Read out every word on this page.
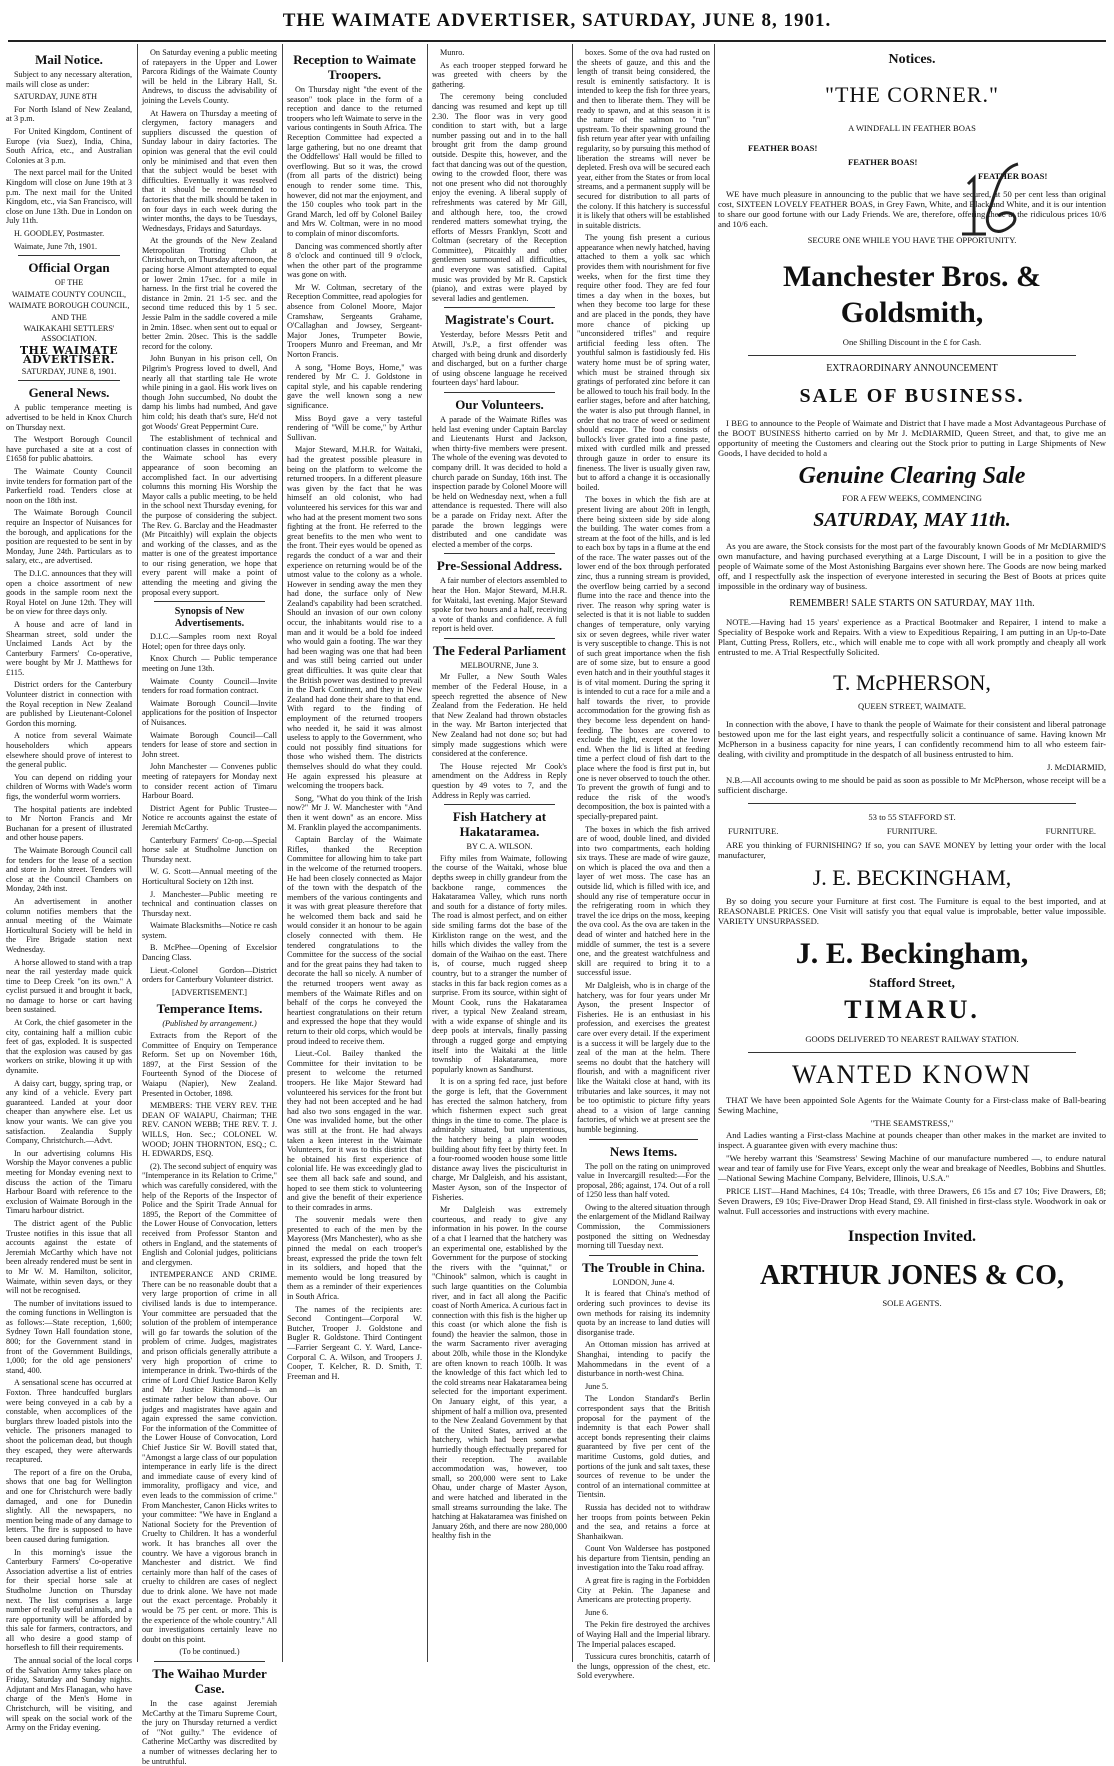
THE WAIMATE ADVERTISER, SATURDAY, JUNE 8, 1901.
Mail Notice.

Subject to any necessary alteration, mails will close as under:

SATURDAY, JUNE 8TH

For North Island of New Zealand, at 3 p.m.

For United Kingdom, Continent of Europe (via Suez), India, China, South Africa, etc., and Australian Colonies at 3 p.m.

The next parcel mail for the United Kingdom will close on June 19th at 3 p.m. The next mail for the United Kingdom, etc., via San Francisco, will close on June 13th. Due in London on July 11th.

H. GOODLEY, Postmaster.

Waimate, June 7th, 1901.

Official Organ

OF THE

WAIMATE COUNTY COUNCIL,

WAIMATE BOROUGH COUNCIL,

AND THE

WAIKAKAHI SETTLERS' ASSOCIATION.

THE WAIMATE ADVERTISER.

SATURDAY, JUNE 8, 1901.

General News.

A public temperance meeting is advertised to be held in Knox Church on Thursday next.

The Westport Borough Council have purchased a site at a cost of £1658 for public abattoirs.

The Waimate County Council invite tenders for formation part of the Parkerfield road. Tenders close at noon on the 18th inst.

The Waimate Borough Council require an Inspector of Nuisances for the borough, and applications for the position are requested to be sent in by Monday, June 24th. Particulars as to salary, etc., are advertised.

The D.I.C. announces that they will open a choice assortment of new goods in the sample room next the Royal Hotel on June 12th. They will be on view for three days only.

A house and acre of land in Shearman street, sold under the Unclaimed Lands Act by the Canterbury Farmers' Co-operative, were bought by Mr J. Matthews for £115.

District orders for the Canterbury Volunteer district in connection with the Royal reception in New Zealand are published by Lieutenant-Colonel Gordon this morning.

A notice from several Waimate householders which appears elsewhere should prove of interest to the general public.

You can depend on ridding your children of Worms with Wade's worm figs, the wonderful worm worriers.

The hospital patients are indebted to Mr Norton Francis and Mr Buchanan for a present of illustrated and other house papers.

The Waimate Borough Council call for tenders for the lease of a section and store in John street. Tenders will close at the Council Chambers on Monday, 24th inst.

An advertisement in another column notifies members that the annual meeting of the Waimate Horticultural Society will be held in the Fire Brigade station next Wednesday.

A horse allowed to stand with a trap near the rail yesterday made quick time to Deep Creek "on its own." A cyclist pursued it and brought it back, no damage to horse or cart having been sustained.

At Cork, the chief gasometer in the city, containing half a million cubic feet of gas, exploded. It is suspected that the explosion was caused by gas workers on strike, blowing it up with dynamite.

A daisy cart, buggy, spring trap, or any kind of a vehicle. Every part guaranteed. Landed at your door cheaper than anywhere else. Let us know your wants. We can give you satisfaction. Zealandia Supply Company, Christchurch.—Advt.

In our advertising columns His Worship the Mayor convenes a public meeting for Monday evening next to discuss the action of the Timaru Harbour Board with reference to the exclusion of Waimate Borough in the Timaru harbour district.

The district agent of the Public Trustee notifies in this issue that all accounts against the estate of Jeremiah McCarthy which have not been already rendered must be sent in to Mr W. M. Hamilton, solicitor, Waimate, within seven days, or they will not be recognised.

The number of invitations issued to the coming functions in Wellington is as follows:—State reception, 1,600; Sydney Town Hall foundation stone, 800; for the Government stand in front of the Government Buildings, 1,000; for the old age pensioners' stand, 400.

A sensational scene has occurred at Foxton. Three handcuffed burglars were being conveyed in a cab by a constable, when accomplices of the burglars threw loaded pistols into the vehicle. The prisoners managed to shoot the policeman dead, but though they escaped, they were afterwards recaptured.

The report of a fire on the Oruba, shows that one bag for Wellington and one for Christchurch were badly damaged, and one for Dunedin slightly. All the newspapers, no mention being made of any damage to letters. The fire is supposed to have been caused during fumigation.

In this morning's issue the Canterbury Farmers' Co-operative Association advertise a list of entries for their special horse sale at Studholme Junction on Thursday next. The list comprises a large number of really useful animals, and a rare opportunity will be afforded by this sale for farmers, contractors, and all who desire a good stamp of horseflesh to fill their requirements.

The annual social of the local corps of the Salvation Army takes place on Friday, Saturday and Sunday nights. Adjutant and Mrs Flanagan, who have charge of the Men's Home in Christchurch, will be visiting, and will speak on the social work of the Army on the Friday evening.

On Saturday evening a public meeting of ratepayers in the Upper and Lower Parcora Ridings of the Waimate County will be held in the Library Hall, St. Andrews, to discuss the advisability of joining the Levels County.

At Hawera on Thursday a meeting of clergymen, factory managers and suppliers discussed the question of Sunday labour in dairy factories. The opinion was general that the evil could only be minimised and that even then that the subject would be beset with difficulties. Eventually it was resolved that it should be recommended to factories that the milk should be taken in on four days in each week during the winter months, the days to be Tuesdays, Wednesdays, Fridays and Saturdays.

At the grounds of the New Zealand Metropolitan Trotting Club at Christchurch, on Thursday afternoon, the pacing horse Almont attempted to equal or lower 2min 17sec. for a mile in harness. In the first trial he covered the distance in 2min. 21 1-5 sec. and the second time reduced this by 1 5 sec. Jessie Palm in the saddle covered a mile in 2min. 18sec. when sent out to equal or better 2min. 20sec. This is the saddle record for the colony.

John Bunyan in his prison cell, On Pilgrim's Progress loved to dwell, And nearly all that startling tale He wrote while pining in a gaol. His work lives on though John succumbed, No doubt the damp his limbs had numbed, And gave him cold; his death that's sure, He'd not got Woods' Great Peppermint Cure.

The establishment of technical and continuation classes in connection with the Waimate school has every appearance of soon becoming an accomplished fact. In our advertising columns this morning His Worship the Mayor calls a public meeting, to be held in the school next Thursday evening, for the purpose of considering the subject. The Rev. G. Barclay and the Headmaster (Mr Pitcaithly) will explain the objects and working of the classes, and as the matter is one of the greatest importance to our rising generation, we hope that every parent will make a point of attending the meeting and giving the proposal every support.

Synopsis of New Advertisements.

D.I.C.—Samples room next Royal Hotel; open for three days only.

Knox Church — Public temperance meeting on June 13th.

Waimate County Council—Invite tenders for road formation contract.

Waimate Borough Council—Invite applications for the position of Inspector of Nuisances.

Waimate Borough Council—Call tenders for lease of store and section in John street.

John Manchester — Convenes public meeting of ratepayers for Monday next to consider recent action of Timaru Harbour Board.

District Agent for Public Trustee—Notice re accounts against the estate of Jeremiah McCarthy.

Canterbury Farmers' Co-op.—Special horse sale at Studholme Junction on Thursday next.

W. G. Scott—Annual meeting of the Horticultural Society on 12th inst.

J. Manchester—Public meeting re technical and continuation classes on Thursday next.

Waimate Blacksmiths—Notice re cash system.

B. McPhee—Opening of Excelsior Dancing Class.

Lieut.-Colonel Gordon—District orders for Canterbury Volunteer district.

[ADVERTISEMENT.]

Temperance Items.

(Published by arrangement.)

Extracts from the Report of the Committee of Enquiry on Temperance Reform. Set up on November 16th, 1897, at the First Session of the Fourteenth Synod of the Diocese of Waiapu (Napier), New Zealand. Presented in October, 1898.

MEMBERS: THE VERY REV. THE DEAN OF WAIAPU, Chairman; THE REV. CANON WEBB; THE REV. T. J. WILLS, Hon. Sec.; COLONEL W. WOOD; JOHN THORNTON, ESQ.; C. H. EDWARDS, ESQ.

(2). The second subject of enquiry was "Intemperance in its Relation to Crime," which was carefully considered, with the help of the Reports of the Inspector of Police and the Spirit Trade Annual for 1895, the Report of the Committee of the Lower House of Convocation, letters received from Professor Stanton and others in England, and the statements of English and Colonial judges, politicians and clergymen.

INTEMPERANCE AND CRIME. There can be no reasonable doubt that a very large proportion of crime in all civilised lands is due to intemperance. Your committee are persuaded that the solution of the problem of intemperance will go far towards the solution of the problem of crime. Judges, magistrates and prison officials generally attribute a very high proportion of crime to intemperance in drink. Two-thirds of the crime of Lord Chief Justice Baron Kelly and Mr Justice Richmond—is an estimate rather below than above. Our judges and magistrates have again and again expressed the same conviction. For the information of the Committee of the Lower House of Convocation, Lord Chief Justice Sir W. Bovill stated that, "Amongst a large class of our population intemperance in early life is the direct and immediate cause of every kind of immorality, profligacy and vice, and even leads to the commission of crime." From Manchester, Canon Hicks writes to your committee: "We have in England a National Society for the Prevention of Cruelty to Children. It has a wonderful work. It has branches all over the country. We have a vigorous branch in Manchester and district. We find certainly more than half of the cases of cruelty to children are cases of neglect due to drink alone. We have not made out the exact percentage. Probably it would be 75 per cent. or more. This is the experience of the whole country." All our investigations certainly leave no doubt on this point.

(To be continued.)

The Waihao Murder Case.

In the case against Jeremiah McCarthy at the Timaru Supreme Court, the jury on Thursday returned a verdict of "Not guilty." The evidence of Catherine McCarthy was discredited by a number of witnesses declaring her to be untruthful.

Reception to Waimate Troopers.

On Thursday night "the event of the season" took place in the form of a reception and dance to the returned troopers who left Waimate to serve in the various contingents in South Africa. The Reception Committee had expected a large gathering, but no one dreamt that the Oddfellows' Hall would be filled to overflowing. But so it was, the crowd (from all parts of the district) being enough to render some time. This, however, did not mar the enjoyment, and the 150 couples who took part in the Grand March, led off by Colonel Bailey and Mrs W. Coltman, were in no mood to complain of minor discomforts.

Dancing was commenced shortly after 8 o'clock and continued till 9 o'clock, when the other part of the programme was gone on with.

Mr W. Coltman, secretary of the Reception Committee, read apologies for absence from Colonel Moore, Major Cramshaw, Sergeants Grahame, O'Callaghan and Jowsey, Sergeant-Major Jones, Trumpeter Bowie, Troopers Munro and Freeman, and Mr Norton Francis.

A song, "Home Boys, Home," was rendered by Mr C. J. Goldstone in capital style, and his capable rendering gave the well known song a new significance.

Miss Boyd gave a very tasteful rendering of "Will be come," by Arthur Sullivan.

Major Steward, M.H.R. for Waitaki, had the greatest possible pleasure in being on the platform to welcome the returned troopers. In a different pleasure was given by the fact that he was himself an old colonist, who had volunteered his services for this war and who had at the present moment two sons fighting at the front. He referred to the great benefits to the men who went to the front. Their eyes would be opened as regards the conduct of a war and their experience on returning would be of the utmost value to the colony as a whole. However in sending away the men they had done, the surface only of New Zealand's capability had been scratched. Should an invasion of our own colony occur, the inhabitants would rise to a man and it would be a bold foe indeed who would gain a footing. The war they had been waging was one that had been and was still being carried out under great difficulties. It was quite clear that the British power was destined to prevail in the Dark Continent, and they in New Zealand had done their share to that end. With regard to the finding of employment of the returned troopers who needed it, he said it was almost useless to apply to the Government, who could not possibly find situations for those who wished them. The districts themselves should do what they could. He again expressed his pleasure at welcoming the troopers back.

Song, "What do you think of the Irish now?" Mr J. W. Manchester with "And then it went down" as an encore. Miss M. Franklin played the accompaniments.

Captain Barclay of the Waimate Rifles, thanked the Reception Committee for allowing him to take part in the welcome of the returned troopers. He had been closely connected as Major of the town with the despatch of the members of the various contingents and it was with great pleasure therefore that he welcomed them back and said he would consider it an honour to be again closely connected with them. He tendered congratulations to the Committee for the success of the social and for the great pains they had taken to decorate the hall so nicely. A number of the returned troopers went away as members of the Waimate Rifles and on behalf of the corps he conveyed the heartiest congratulations on their return and expressed the hope that they would return to their old corps, which would be proud indeed to receive them.

Lieut.-Col. Bailey thanked the Committee for their invitation to be present to welcome the returned troopers. He like Major Steward had volunteered his services for the front but they had not been accepted and he had had also two sons engaged in the war. One was invalided home, but the other was still at the front. He had always taken a keen interest in the Waimate Volunteers, for it was to this district that he obtained his first experience of colonial life. He was exceedingly glad to see them all back safe and sound, and hoped to see them stick to volunteering and give the benefit of their experience to their comrades in arms.

The souvenir medals were then presented to each of the men by the Mayoress (Mrs Manchester), who as she pinned the medal on each trooper's breast, expressed the pride the town felt in its soldiers, and hoped that the memento would be long treasured by them as a reminder of their experiences in South Africa.

The names of the recipients are: Second Contingent—Corporal W. Butcher, Trooper J. Goldstone and Bugler R. Goldstone. Third Contingent—Farrier Sergeant C. Y. Ward, Lance-Corporal C. A. Wilson, and Troopers J. Cooper, T. Kelcher, R. D. Smith, T. Freeman and H.

Munro.

As each trooper stepped forward he was greeted with cheers by the gathering.

The ceremony being concluded dancing was resumed and kept up till 2.30. The floor was in very good condition to start with, but a large number passing out and in to the hall brought grit from the damp ground outside. Despite this, however, and the fact that dancing was out of the question, owing to the crowded floor, there was not one present who did not thoroughly enjoy the evening. A liberal supply of refreshments was catered by Mr Gill, and although here, too, the crowd rendered matters somewhat trying, the efforts of Messrs Franklyn, Scott and Coltman (secretary of the Reception Committee), Pitcaithly and other gentlemen surmounted all difficulties, and everyone was satisfied. Capital music was provided by Mr R. Capstick (piano), and extras were played by several ladies and gentlemen.

Magistrate's Court.

Yesterday, before Messrs Petit and Atwill, J's.P., a first offender was charged with being drunk and disorderly and discharged, but on a further charge of using obscene language he received fourteen days' hard labour.

Our Volunteers.

A parade of the Waimate Rifles was held last evening under Captain Barclay and Lieutenants Hurst and Jackson, when thirty-five members were present. The whole of the evening was devoted to company drill. It was decided to hold a church parade on Sunday, 16th inst. The inspection parade by Colonel Moore will be held on Wednesday next, when a full attendance is requested. There will also be a parade on Friday next. After the parade the brown leggings were distributed and one candidate was elected a member of the corps.

Pre-Sessional Address.

A fair number of electors assembled to hear the Hon. Major Steward, M.H.R. for Waitaki, last evening. Major Steward spoke for two hours and a half, receiving a vote of thanks and confidence. A full report is held over.

The Federal Parliament

MELBOURNE, June 3.

Mr Fuller, a New South Wales member of the Federal House, in a speech regretted the absence of New Zealand from the Federation. He held that New Zealand had thrown obstacles in the way. Mr Barton interjected that New Zealand had not done so; but had simply made suggestions which were considered at the conference.

The House rejected Mr Cook's amendment on the Address in Reply question by 49 votes to 7, and the Address in Reply was carried.

Fish Hatchery at Hakataramea.

BY C. A. WILSON.

Fifty miles from Waimate, following the course of the Waitaki, whose blue depths sweep in chilly grandeur from the backbone range, commences the Hakataramea Valley, which runs north and south for a distance of forty miles. The road is almost perfect, and on either side smiling farms dot the base of the Kirkliston range on the west, and the hills which divides the valley from the domain of the Waihao on the east. There is, of course, much rugged sheep country, but to a stranger the number of stacks in this far back region comes as a surprise. From its source, within sight of Mount Cook, runs the Hakataramea river, a typical New Zealand stream, with a wide expanse of shingle and its deep pools at intervals, finally passing through a rugged gorge and emptying itself into the Waitaki at the little township of Hakataramea, more popularly known as Sandhurst.

It is on a spring fed race, just before the gorge is left, that the Government has erected the salmon hatchery, from which fishermen expect such great things in the time to come. The place is admirably situated, but unpretentious, the hatchery being a plain wooden building about fifty feet by thirty feet. In a four-roomed wooden house some little distance away lives the pisciculturist in charge, Mr Dalgleish, and his assistant, Master Ayson, son of the Inspector of Fisheries.

Mr Dalgleish was extremely courteous, and ready to give any information in his power. In the course of a chat I learned that the hatchery was an experimental one, established by the Government for the purpose of stocking the rivers with the "quinnat," or "Chinook" salmon, which is caught in such large quantities on the Columbia river, and in fact all along the Pacific coast of North America. A curious fact in connection with this fish is the higher up this coast (or which alone the fish is found) the heavier the salmon, those in the warm Sacramento river averaging about 20lb, while those in the Klondyke are often known to reach 100lb. It was the knowledge of this fact which led to the cold streams near Hakataramea being selected for the important experiment. On January eight, of this year, a shipment of half a million ova, presented to the New Zealand Government by that of the United States, arrived at the hatchery, which had been somewhat hurriedly though effectually prepared for their reception. The available accommodation was, however, too small, so 200,000 were sent to Lake Ohau, under charge of Master Ayson, and were hatched and liberated in the small streams surrounding the lake. The hatching at Hakataramea was finished on January 26th, and there are now 280,000 healthy fish in the

boxes. Some of the ova had rusted on the sheets of gauze, and this and the length of transit being considered, the result is eminently satisfactory. It is intended to keep the fish for three years, and then to liberate them. They will be ready to spawn, and at this season it is the nature of the salmon to "run" upstream. To their spawning ground the fish return year after year with unfailing regularity, so by pursuing this method of liberation the streams will never be depleted. Fresh ova will be secured each year, either from the States or from local streams, and a permanent supply will be secured for distribution to all parts of the colony. If this hatchery is successful it is likely that others will be established in suitable districts.

The young fish present a curious appearance when newly hatched, having attached to them a yolk sac which provides them with nourishment for five weeks, when for the first time they require other food. They are fed four times a day when in the boxes, but when they become too large for these and are placed in the ponds, they have more chance of picking up "unconsidered trifles" and require artificial feeding less often. The youthful salmon is fastidiously fed. His watery home must be of spring water, which must be strained through six gratings of perforated zinc before it can be allowed to touch his frail body. In the earlier stages, before and after hatching, the water is also put through flannel, in order that no trace of weed or sediment should escape. The food consists of bullock's liver grated into a fine paste, mixed with curdled milk and pressed through gauze in order to ensure its fineness. The liver is usually given raw, but to afford a change it is occasionally boiled.

The boxes in which the fish are at present living are about 20ft in length, there being sixteen side by side along the building. The water comes from a stream at the foot of the hills, and is led to each box by taps in a flume at the end of the race. The water passes out of the lower end of the box through perforated zinc, thus a running stream is provided, the overflow being carried by a second flume into the race and thence into the river. The reason why spring water is selected is that it is not liable to sudden changes of temperature, only varying six or seven degrees, while river water is very susceptible to change. This is not of such great importance when the fish are of some size, but to ensure a good even hatch and in their youthful stages it is of vital moment. During the spring it is intended to cut a race for a mile and a half towards the river, to provide accommodation for the growing fish as they become less dependent on hand-feeding. The boxes are covered to exclude the light, except at the lower end. When the lid is lifted at feeding time a perfect cloud of fish dart to the place where the food is first put in, but one is never observed to touch the other. To prevent the growth of fungi and to reduce the risk of the wood's decomposition, the box is painted with a specially-prepared paint.

The boxes in which the fish arrived are of wood, double lined, and divided into two compartments, each holding six trays. These are made of wire gauze, on which is placed the ova and then a layer of wet moss. The case has an outside lid, which is filled with ice, and should any rise of temperature occur in the refrigerating room in which they travel the ice drips on the moss, keeping the ova cool. As the ova are taken in the dead of winter and hatched here in the middle of summer, the test is a severe one, and the greatest watchfulness and skill are required to bring it to a successful issue.

Mr Dalgleish, who is in charge of the hatchery, was for four years under Mr Ayson, the present Inspector of Fisheries. He is an enthusiast in his profession, and exercises the greatest care over every detail. If the experiment is a success it will be largely due to the zeal of the man at the helm. There seems no doubt that the hatchery will flourish, and with a magnificent river like the Waitaki close at hand, with its tributaries and lake sources, it may not be too optimistic to picture fifty years ahead to a vision of large canning factories, of which we at present see the humble beginning.

News Items.

The poll on the rating on unimproved value in Invercargill resulted:—For the proposal, 286; against, 174. Out of a roll of 1250 less than half voted.

Owing to the altered situation through the enlargement of the Midland Railway Commission, the Commissioners postponed the sitting on Wednesday morning till Tuesday next.

The Trouble in China.

LONDON, June 4.

It is feared that China's method of ordering such provinces to devise its own methods for raising its indemnity quota by an increase to land duties will disorganise trade.

An Ottoman mission has arrived at Shanghai, intending to pacify the Mahommedans in the event of a disturbance in north-west China.

June 5.

The London Standard's Berlin correspondent says that the British proposal for the payment of the indemnity is that each Power shall accept bonds representing their claims guaranteed by five per cent of the maritime Customs, gold duties, and portions of the junk and salt taxes, these sources of revenue to be under the control of an international committee at Tientsin.

Russia has decided not to withdraw her troops from points between Pekin and the sea, and retains a force at Shanhaikwan.

Count Von Waldersee has postponed his departure from Tientsin, pending an investigation into the Taku road affray.

A great fire is raging in the Forbidden City at Pekin. The Japanese and Americans are protecting property.

June 6.

The Pekin fire destroyed the archives of Waying Hall and the Imperial library. The Imperial palaces escaped.

Tussicura cures bronchitis, catarrh of the lungs, oppression of the chest, etc. Sold everywhere.

Notices.
"THE CORNER."

A WINDFALL IN FEATHER BOAS

FEATHER BOAS!

FEATHER BOAS!

FEATHER BOAS!

WE have much pleasure in announcing to the public that we have secured, at 50 per cent less than original cost, SIXTEEN LOVELY FEATHER BOAS, in Grey Fawn, White, and Black and White, and it is our intention to share our good fortune with our Lady Friends. We are, therefore, offering these at the ridiculous prices 10/6 and 10/6 each.

SECURE ONE WHILE YOU HAVE THE OPPORTUNITY.

Manchester Bros. & Goldsmith,

One Shilling Discount in the £ for Cash.

EXTRAORDINARY ANNOUNCEMENT

SALE OF BUSINESS.

I BEG to announce to the People of Waimate and District that I have made a Most Advantageous Purchase of the BOOT BUSINESS hitherto carried on by Mr J. McDIARMID, Queen Street, and that, to give me an opportunity of meeting the Customers and clearing out the Stock prior to putting in Large Shipments of New Goods, I have decided to hold a

Genuine Clearing Sale

FOR A FEW WEEKS, COMMENCING

SATURDAY, MAY 11th.

As you are aware, the Stock consists for the most part of the favourably known Goods of Mr McDIARMID'S own manufacture, and having purchased everything at a Large Discount, I will be in a position to give the people of Waimate some of the Most Astonishing Bargains ever shown here. The Goods are now being marked off, and I respectfully ask the inspection of everyone interested in securing the Best of Boots at prices quite impossible in the ordinary way of business.

REMEMBER! SALE STARTS ON SATURDAY, MAY 11th.

NOTE.—Having had 15 years' experience as a Practical Bootmaker and Repairer, I intend to make a Speciality of Bespoke work and Repairs. With a view to Expeditious Repairing, I am putting in an Up-to-Date Plant, Cutting Press, Rollers, etc., which will enable me to cope with all work promptly and cheaply all work entrusted to me. A Trial Respectfully Solicited.

T. McPHERSON,

QUEEN STREET, WAIMATE.

In connection with the above, I have to thank the people of Waimate for their consistent and liberal patronage bestowed upon me for the last eight years, and respectfully solicit a continuance of same. Having known Mr McPherson in a business capacity for nine years, I can confidently recommend him to all who esteem fair-dealing, with civility and promptitude in the despatch of all business entrusted to him.

J. McDIARMID,

N.B.—All accounts owing to me should be paid as soon as possible to Mr McPherson, whose receipt will be a sufficient discharge.

53 to 55 STAFFORD ST.

FURNITURE.	FURNITURE.	FURNITURE.

ARE you thinking of FURNISHING? If so, you can SAVE MONEY by letting your order with the local manufacturer,

J. E. BECKINGHAM,

By so doing you secure your Furniture at first cost. The Furniture is equal to the best imported, and at REASONABLE PRICES. One Visit will satisfy you that equal value is improbable, better value impossible. VARIETY UNSURPASSED.

J. E. Beckingham,

Stafford Street,

TIMARU.

GOODS DELIVERED TO NEAREST RAILWAY STATION.

WANTED KNOWN

THAT We have been appointed Sole Agents for the Waimate County for a First-class make of Ball-bearing Sewing Machine,

"THE SEAMSTRESS,"

And Ladies wanting a First-class Machine at pounds cheaper than other makes in the market are invited to inspect. A guarantee given with every machine thus:

"We hereby warrant this 'Seamstress' Sewing Machine of our manufacture numbered —, to endure natural wear and tear of family use for Five Years, except only the wear and breakage of Needles, Bobbins and Shuttles.—National Sewing Machine Company, Belvidere, Illinois, U.S.A."

PRICE LIST—Hand Machines, £4 10s; Treadle, with three Drawers, £6 15s and £7 10s; Five Drawers, £8; Seven Drawers, £9 10s; Five-Drawer Drop Head Stand, £9. All finished in first-class style. Woodwork in oak or walnut. Full accessories and instructions with every machine.

Inspection Invited.
ARTHUR JONES & CO,

SOLE AGENTS.
